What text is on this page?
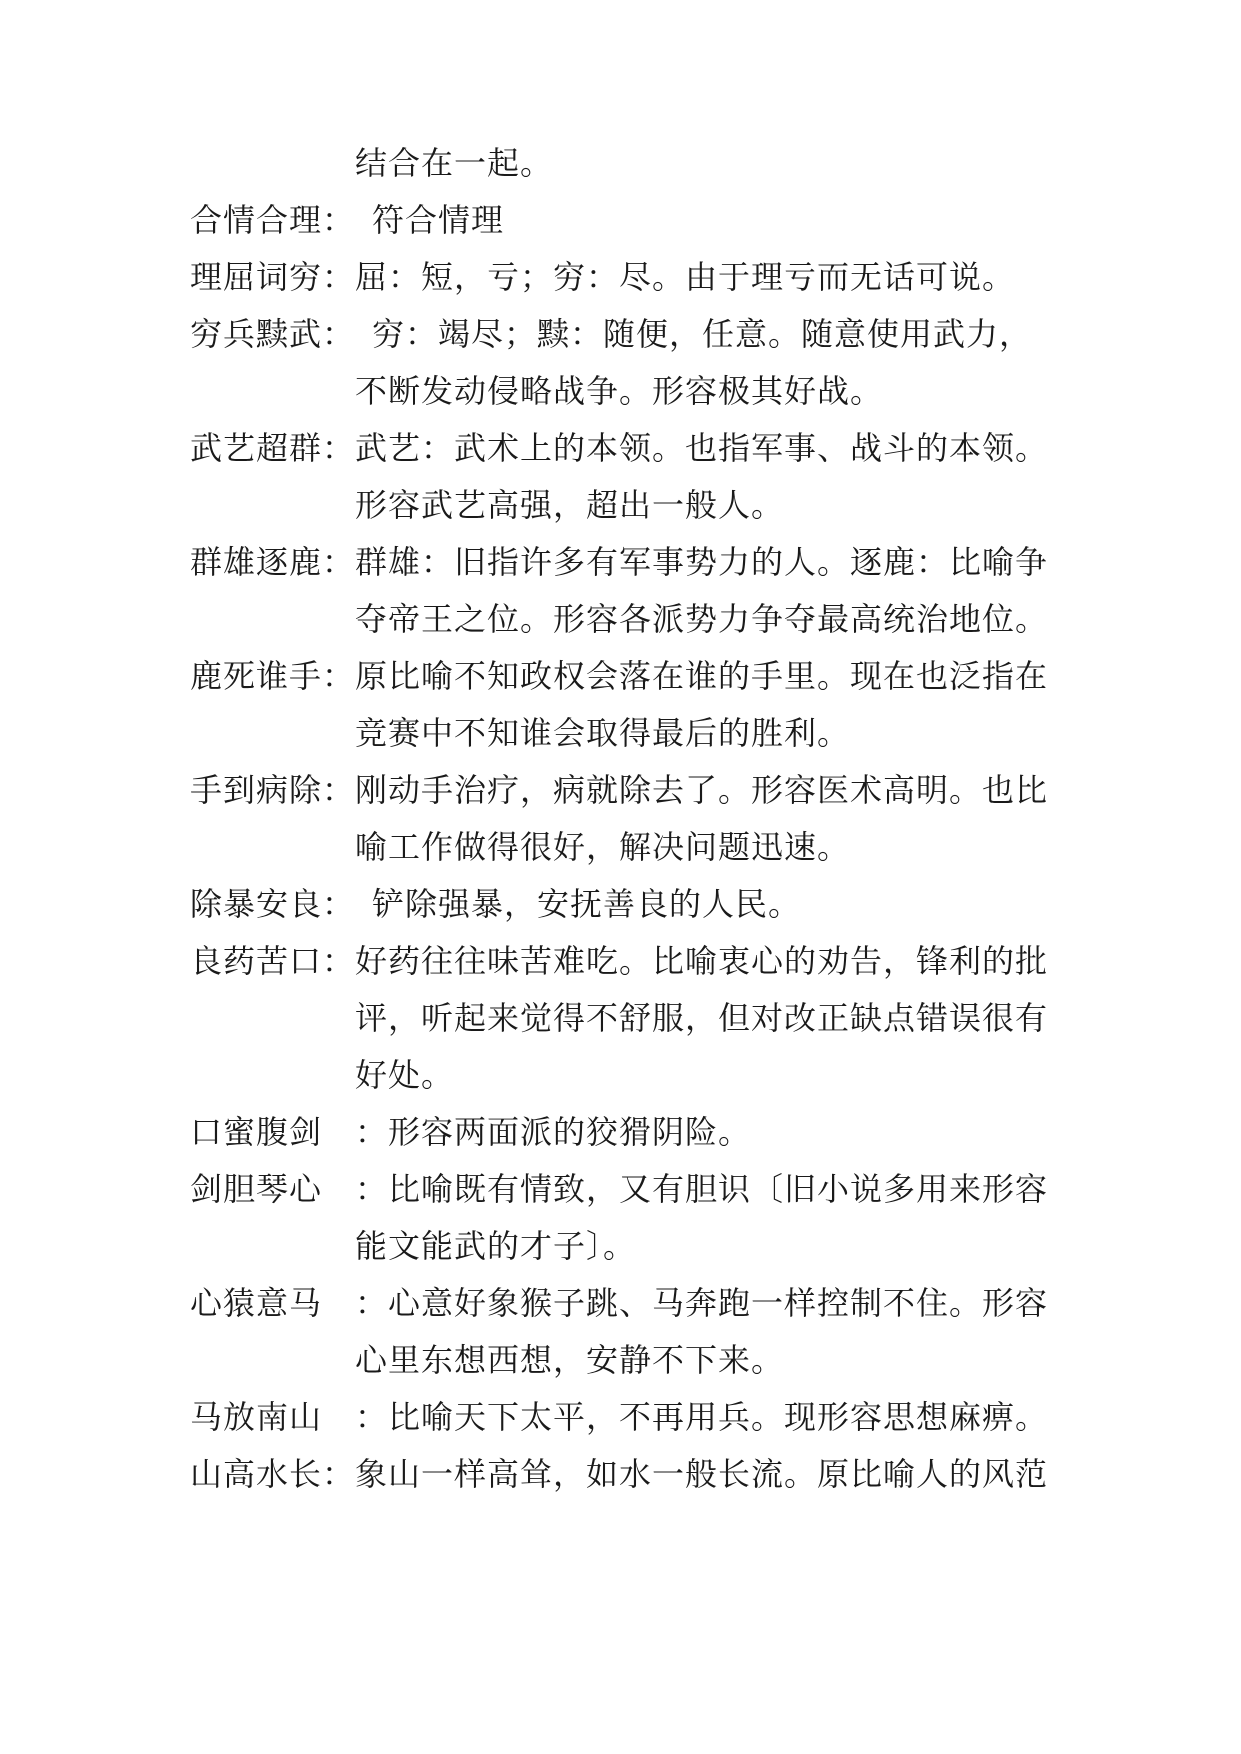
结合在一起。
合情合理：　符合情理
理屈词穷：屈：短，亏；穷：尽。由于理亏而无话可说。
穷兵黩武：　穷：竭尽；黩：随便，任意。随意使用武力，
不断发动侵略战争。形容极其好战。
武艺超群：武艺：武术上的本领。也指军事、战斗的本领。
形容武艺高强，超出一般人。
群雄逐鹿：群雄：旧指许多有军事势力的人。逐鹿：比喻争
夺帝王之位。形容各派势力争夺最高统治地位。
鹿死谁手：原比喻不知政权会落在谁的手里。现在也泛指在
竞赛中不知谁会取得最后的胜利。
手到病除：刚动手治疗，病就除去了。形容医术高明。也比
喻工作做得很好，解决问题迅速。
除暴安良：　铲除强暴，安抚善良的人民。
良药苦口：好药往往味苦难吃。比喻衷心的劝告，锋利的批
评，听起来觉得不舒服，但对改正缺点错误很有
好处。
口蜜腹剑 ：形容两面派的狡猾阴险。
剑胆琴心 ：比喻既有情致，又有胆识〔旧小说多用来形容
能文能武的才子〕。
心猿意马 ：心意好象猴子跳、马奔跑一样控制不住。形容
心里东想西想，安静不下来。
马放南山 ：比喻天下太平，不再用兵。现形容思想麻痹。
山高水长：象山一样高耸，如水一般长流。原比喻人的风范
